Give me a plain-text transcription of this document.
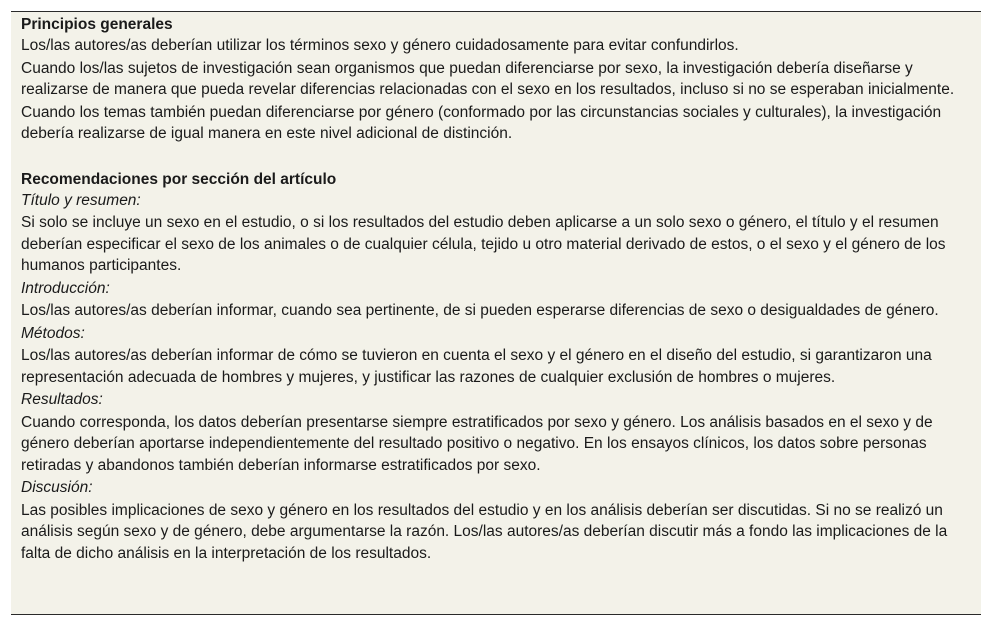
Principios generales

Los/las autores/as deberían utilizar los términos sexo y género cuidadosamente para evitar confundirlos.

Cuando los/las sujetos de investigación sean organismos que puedan diferenciarse por sexo, la investigación debería diseñarse y realizarse de manera que pueda revelar diferencias relacionadas con el sexo en los resultados, incluso si no se esperaban inicialmente.

Cuando los temas también puedan diferenciarse por género (conformado por las circunstancias sociales y culturales), la investigación debería realizarse de igual manera en este nivel adicional de distinción.

Recomendaciones por sección del artículo

Título y resumen:

Si solo se incluye un sexo en el estudio, o si los resultados del estudio deben aplicarse a un solo sexo o género, el título y el resumen deberían especificar el sexo de los animales o de cualquier célula, tejido u otro material derivado de estos, o el sexo y el género de los humanos participantes.

Introducción:

Los/las autores/as deberían informar, cuando sea pertinente, de si pueden esperarse diferencias de sexo o desigualdades de género.

Métodos:

Los/las autores/as deberían informar de cómo se tuvieron en cuenta el sexo y el género en el diseño del estudio, si garantizaron una representación adecuada de hombres y mujeres, y justificar las razones de cualquier exclusión de hombres o mujeres.

Resultados:

Cuando corresponda, los datos deberían presentarse siempre estratificados por sexo y género. Los análisis basados en el sexo y de género deberían aportarse independientemente del resultado positivo o negativo. En los ensayos clínicos, los datos sobre personas retiradas y abandonos también deberían informarse estratificados por sexo.

Discusión:

Las posibles implicaciones de sexo y género en los resultados del estudio y en los análisis deberían ser discutidas. Si no se realizó un análisis según sexo y de género, debe argumentarse la razón. Los/las autores/as deberían discutir más a fondo las implicaciones de la falta de dicho análisis en la interpretación de los resultados.
